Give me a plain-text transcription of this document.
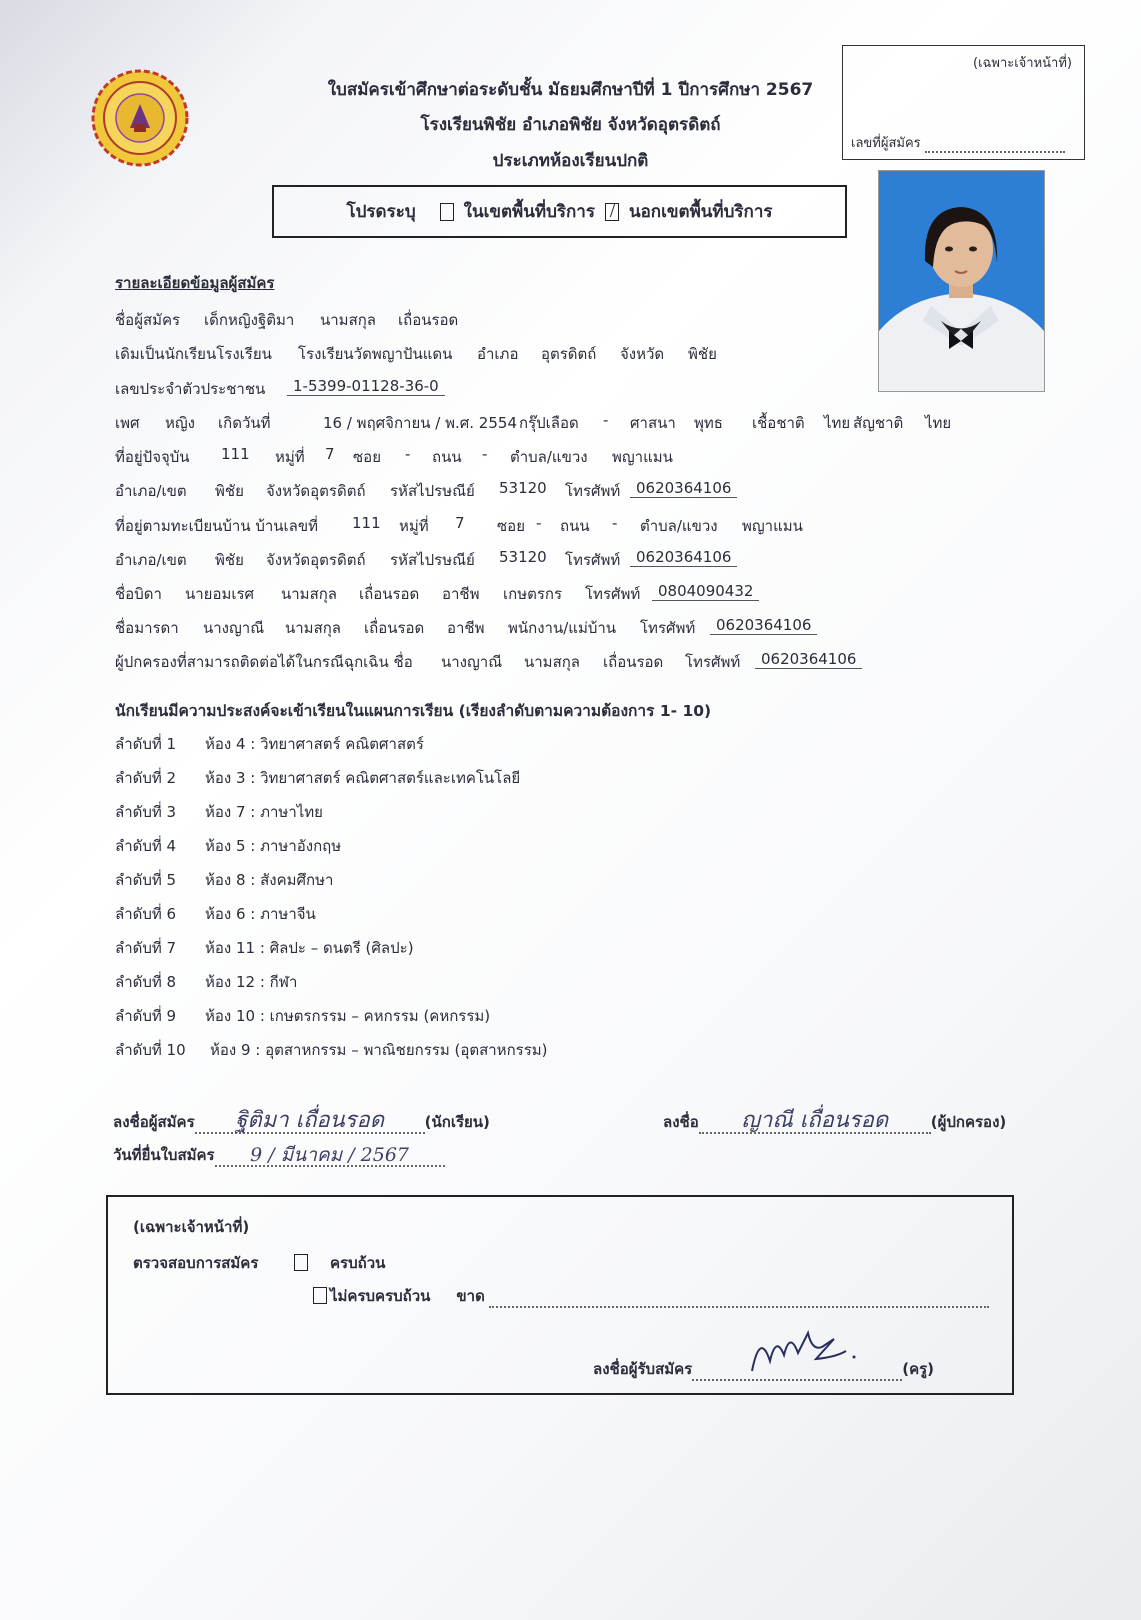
ใบสมัครเข้าศึกษาต่อระดับชั้น มัธยมศึกษาปีที่ 1 ปีการศึกษา 2567
โรงเรียนพิชัย อำเภอพิชัย จังหวัดอุตรดิตถ์
ประเภทห้องเรียนปกติ
(เฉพาะเจ้าหน้าที่)
เลขที่ผู้สมัคร
โปรดระบุ	ในเขตพื้นที่บริการ นอกเขตพื้นที่บริการ
รายละเอียดข้อมูลผู้สมัคร
ชื่อผู้สมัคร เด็กหญิงฐิติมา นามสกุล เถื่อนรอด
เดิมเป็นนักเรียนโรงเรียน โรงเรียนวัดพญาปันแดน อำเภอ อุตรดิตถ์ จังหวัด พิชัย
เลขประจำตัวประชาชน	1-5399-01128-36-0
เพศ หญิง เกิดวันที่	16 / พฤศจิกายน / พ.ศ. 2554 กรุ๊ปเลือด - ศาสนา พุทธ เชื้อชาติ ไทย สัญชาติ ไทย
ที่อยู่ปัจจุบัน 111 หมู่ที่ 7 ซอย - ถนน - ตำบล/แขวง พญาแมน
อำเภอ/เขต พิชัย จังหวัด อุตรดิตถ์ รหัสไปรษณีย์ 53120 โทรศัพท์	0620364106
ที่อยู่ตามทะเบียนบ้าน บ้านเลขที่ 111 หมู่ที่ 7 ซอย - ถนน - ตำบล/แขวง พญาแมน
อำเภอ/เขต พิชัย จังหวัด อุตรดิตถ์ รหัสไปรษณีย์ 53120 โทรศัพท์	0620364106
ชื่อบิดา นายอมเรศ นามสกุล เถื่อนรอด อาชีพ เกษตรกร โทรศัพท์	0804090432
ชื่อมารดา นางญาณี นามสกุล เถื่อนรอด อาชีพ พนักงาน/แม่บ้าน โทรศัพท์	0620364106
ผู้ปกครองที่สามารถติดต่อได้ในกรณีฉุกเฉิน ชื่อ นางญาณี นามสกุล เถื่อนรอด โทรศัพท์	0620364106
นักเรียนมีความประสงค์จะเข้าเรียนในแผนการเรียน (เรียงลำดับตามความต้องการ 1- 10)
ลำดับที่ 1 ห้อง 4 : วิทยาศาสตร์ คณิตศาสตร์
ลำดับที่ 2 ห้อง 3 : วิทยาศาสตร์ คณิตศาสตร์และเทคโนโลยี
ลำดับที่ 3 ห้อง 7 : ภาษาไทย
ลำดับที่ 4 ห้อง 5 : ภาษาอังกฤษ
ลำดับที่ 5 ห้อง 8 : สังคมศึกษา
ลำดับที่ 6 ห้อง 6 : ภาษาจีน
ลำดับที่ 7 ห้อง 11 : ศิลปะ – ดนตรี (ศิลปะ)
ลำดับที่ 8 ห้อง 12 : กีฬา
ลำดับที่ 9 ห้อง 10 : เกษตรกรรม – คหกรรม (คหกรรม)
ลำดับที่ 10 ห้อง 9 : อุตสาหกรรม – พาณิชยกรรม (อุตสาหกรรม)
ลงชื่อผู้สมัคร	ฐิติมา เถื่อนรอด	(นักเรียน)
วันที่ยื่นใบสมัคร	9 / มีนาคม / 2567
ลงชื่อ	ญาณี เถื่อนรอด	(ผู้ปกครอง)
(เฉพาะเจ้าหน้าที่)
ตรวจสอบการสมัคร
	ครบถ้วน
ไม่ครบครบถ้วน ขาด
ลงชื่อผู้รับสมัคร	(ครู)
